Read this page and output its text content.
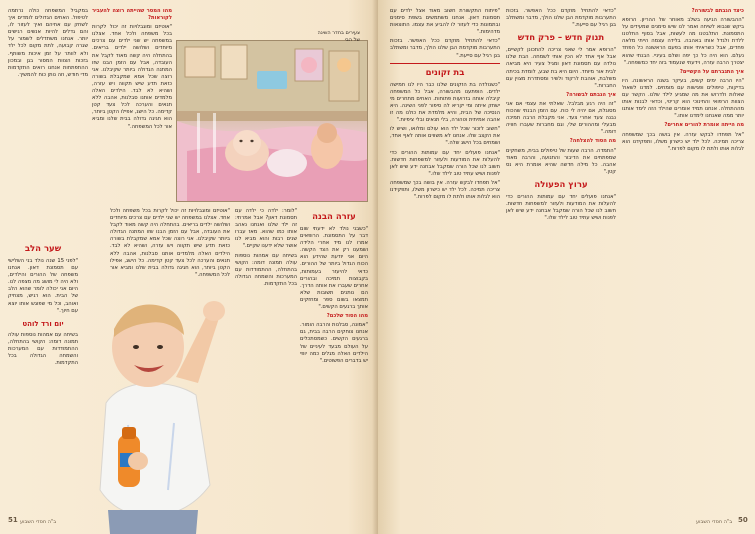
במקביל המשפחה כולה נרתמה לטיפול. האחים הגדולים לומדים איך לשחק עם אחיהם ואיך לעזור לו, והם גדלים להיות אנשים רגישים יותר. אנחנו משתדלים לשמור על שגרה קבועה, לתת מקום לכל ילד ולא לוותר על זמן איכות משותף. בזכות הצוות המסור בגן ובמכון ההתפתחות אנחנו רואים התקדמות מדי חודש, וזה נותן כוח להמשיך.

מהו המסר שהייתה רוצה להעביר לקוראות?

"אוטיזם ומוגבלויות זה יכול לקרות בכל משפחה ולכל אחד. אצלנו במשפחה יש שני ילדים עם צרכים מיוחדים ושלושה ילדים בריאים. בהתחלה היה קשה מאוד לקבל את העובדה, אבל עם הזמן הבנו שזו המתנה הגדולה ביותר שקיבלנו. אני רוצה שכל אמא שמקבלת בשורה כזאת תדע שיש תקווה ויש עזרה, ושהיא לא לבד. הילדים האלה מלמדים אותנו סבלנות, אהבה ללא תנאים והערכה לכל צעד קטן קדימה. כל הישג, אפילו הקטן ביותר, הוא חגיגה גדולה בבית שלנו ומביא אור לכל המשפחה."

צעירים בחדר השינה
של הבי
עזרה הבנה

"כשבני נולד לא ידעתי שום דבר על התסמונת. הרופאים אמרו לנו מיד אחרי הלידה ושמענו רק את הצד הקשה. היום אני יודעת שהידע הוא הכוח הגדול ביותר של ההורים. כדאי להיעזר בעמותות, בקבוצות תמיכה ובהורים אחרים שעברו את אותה הדרך. הם נותנים תשובות שלא תמצאו בשום ספר ומחזקים אותך ברגעים הקשים."

מהו הסוד שלכם?

"אמונה, סבלנות והרבה הומור. אנחנו צוחקים הרבה בבית, גם ברגעים הקשים. כשמסתכלים על העולם מבעד לעיניים של הילדים האלה מגלים כמה יופי יש בדברים הפשוטים."

"לומר: ילדה כי ילדה עם תסמונת דאון? אבל אמרתי: זה ילד שלנו ואנחנו נאהב אותו כמו שהוא. מאז עברו שנים רבות והוא מביא לנו אושר שלא ידענו שקיים."

בשיחה עם אמהות נוספות עולה תמונה דומה: הקושי בהתחלה, ההתמודדות עם המערכות והשמחה הגדולה בכל התקדמות.

"אוטיזם ומוגבלויות זה יכול לקרות בכל משפחה ולכל אחד. אצלנו במשפחה יש שני ילדים עם צרכים מיוחדים ושלושה ילדים בריאים. בהתחלה היה קשה מאוד לקבל את העובדה, אבל עם הזמן הבנו שזו המתנה הגדולה ביותר שקיבלנו. אני רוצה שכל אמא שמקבלת בשורה כזאת תדע שיש תקווה ויש עזרה, ושהיא לא לבד. הילדים האלה מלמדים אותנו סבלנות, אהבה ללא תנאים והערכה לכל צעד קטן קדימה. כל הישג, אפילו הקטן ביותר, הוא חגיגה גדולה בבית שלנו ומביא אור לכל המשפחה."

שער הלב

"לפני 15 שנה נולד בני השלישי עם תסמונת דאון. אנחנו משפחה של ההורים והילדים, ולא היה לי מושג מה מצפה לנו. היום אני יכולה לומר שהוא הלב של הבית. הוא רגיש, מצחיק ואוהב, וכל מי שפוגש אותו יוצא עם חיוך."

יום ורד לוהט

בשיחה עם אמהות נוספות עולה תמונה דומה: הקושי בהתחלה, ההתמודדות עם המערכות והשמחה הגדולה בכל התקדמות.

ב"ה חסדי השבוע
51

"פיתוח התקשורת חשוב מאוד אצל ילדים עם תסמונת דאון. אנחנו משתמשים בשפת סימנים ובתמונות כדי לעזור לו להביע את עצמו. התוצאות מדהימות."

"כדאי להתחיל מוקדם ככל האפשר. בזכות התערבות מוקדמת הבן שלנו הולך, מדבר ומשתלב בגן רגיל עם סייעת."

בת זקונים

"כשנולדה בת הזקונים שלנו כבר היו לנו חמישה ילדים. הופתענו מהבשורה, אבל כל המשפחה קיבלה אותה בזרועות פתוחות. האחים מתחרים מי ישחק איתה ומי יקריא לה סיפור לפני השינה. היא הנסיכה של הבית, והיא מלמדת את כולנו מה זו אהבה אמיתית וטהורה, בלי תנאים ובלי ציפיות."

"חשוב לזכור שכל ילד הוא עולם ומלואו, ושיש לו את הקצב שלו. אנחנו לא משווים אותה לאף אחד, ושמחים בכל הישג שלה."

"אנחנו פועלים יחד עם עמותות ההורים כדי להעלות את המודעות ולעזור למשפחות חדשות. חשוב לנו שכל הורה שמקבל אבחנה ידע שיש לאן לפנות ושיש עתיד טוב לילד שלו."

"אל תפחדו לבקש עזרה. אין בושה בכך שמשפחה צריכה תמיכה. לכל ילד יש כישרון משלו, ותפקידנו הוא לגלות אותו ולתת לו מקום לפרוח."

"כדאי להתחיל מוקדם ככל האפשר. בזכות התערבות מוקדמת הבן שלנו הולך, מדבר ומשתלב בגן רגיל עם סייעת."

תנוק חדש – פרק חדש

"הרופא אמר לי שאני צריכה להתכונן לקשיים, אבל אף אחד לא הכין אותי לשמחה. הבת שלנו נולדה עם תסמונת דאון ומגיל צעיר היא מביאה לבית אור מיוחד. היום היא בת שבע, לומדת בכיתה משלבת, אוהבת לרקוד ולשיר ומסתדרת מצוין עם החברות."

איך הגבתם לבשורה?

"זה היה רגע מבלבל. שאלתי את עצמי אם אני מסוגלת, אם יהיה לי כוח. עם הזמן הבנתי שהכוח נבנה צעד אחרי צעד. אני מקבלת הרבה תמיכה מבעלי ומההורים שלי, וגם מחברות שעברו חוויה דומה."

מה הסוד להצלחה?

"התמדה. הרבה שעות של טיפולים בבית, משחקים שמפתחים את הדיבור והתנועה, והרבה מאוד אהבה. כל מילה חדשה שהיא אומרת היא נס קטן."

ערוץ הפעולה

"אנחנו פועלים יחד עם עמותות ההורים כדי להעלות את המודעות ולעזור למשפחות חדשות. חשוב לנו שכל הורה שמקבל אבחנה ידע שיש לאן לפנות ושיש עתיד טוב לילד שלו."

כיצד הגבתם לבשורה?

"ההבשורה הגיעה בשלב מאוחר של ההריון. הרופא ביקש שנבוא לשיחה ואמר לנו שיש סימנים שמעידים על התסמונת. התלבטנו מה לעשות, אבל בסוף החלטנו ללדת ולגדל אותו באהבה. בלידה עצמה הייתי מלאה פחדים, אבל כשראיתי אותו בפעם הראשונה כל הפחד נעלם. הוא היה כל כך יפה ושלם בעיניי. הבנתי שהוא יצטרך הרבה עזרה, וידעתי שנעמוד בזה יחד כמשפחה."

איך התגברתם על הקשיים?

"היו הרבה ימים קשים, בעיקר בשנה הראשונה. היו בדיקות, טיפולים ופגישות עם מומחים. למדנו לשאול שאלות ולדרוש את מה שמגיע לילד שלנו. הקשר עם הצוות הרפואי והחינוכי הוא קריטי, וכדאי לבנות אותו מההתחלה. אנחנו תמיד אומרים שהילד הזה לימד אותנו יותר ממה שאנחנו לימדנו אותו."

מה הייתה אומרת להורים אחרים?

"אל תפחדו לבקש עזרה. אין בושה בכך שמשפחה צריכה תמיכה. לכל ילד יש כישרון משלו, ותפקידנו הוא לגלות אותו ולתת לו מקום לפרוח."

ב"ה חסדי השבוע 50
